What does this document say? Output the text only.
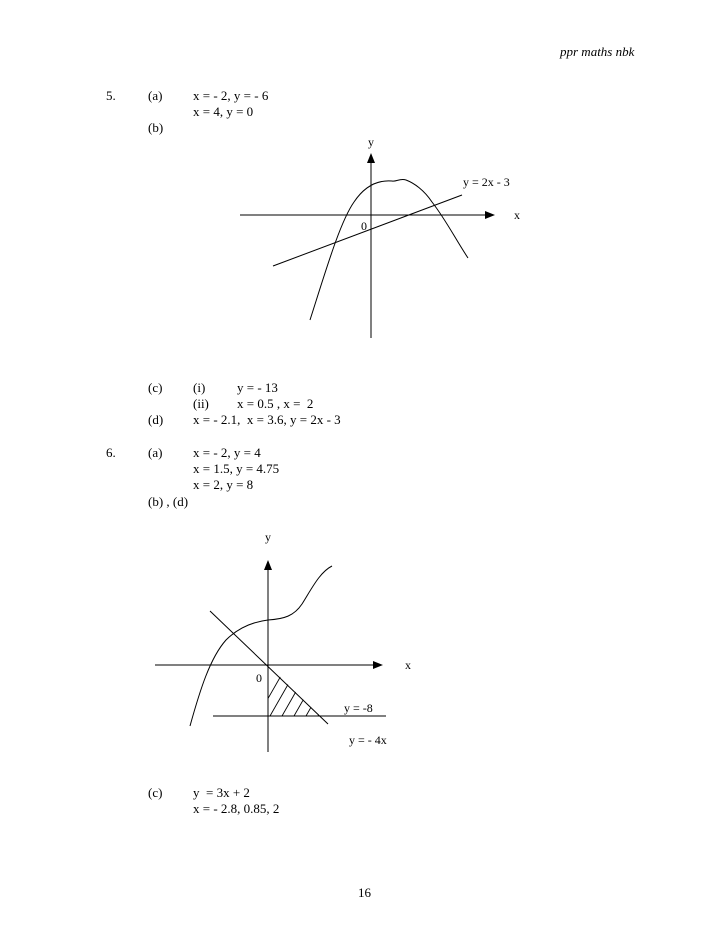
ppr maths nbk
5. (a) x = - 2, y = - 6
x = 4, y = 0
(b)
y
x
0
y = 2x - 3
(c) (i) y = - 13
(ii) x = 0.5 , x =  2
(d) x = - 2.1,  x = 3.6, y = 2x - 3
6. (a) x = - 2, y = 4
x = 1.5, y = 4.75
x = 2, y = 8
(b) , (d)
y
x
0
y = -8
y = - 4x
(c) y  = 3x + 2
x = - 2.8, 0.85, 2
16
